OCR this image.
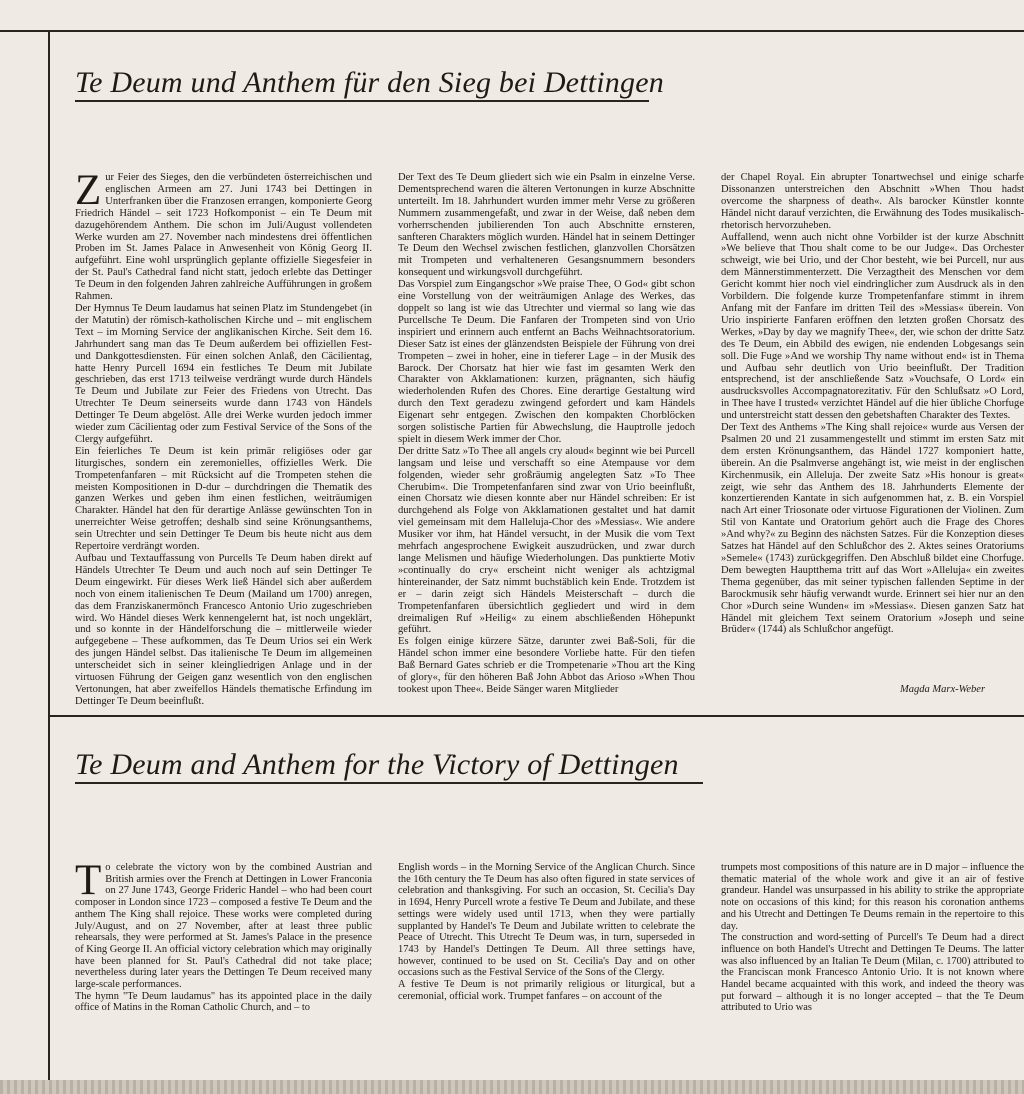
Te Deum und Anthem für den Sieg bei Dettingen

Zur Feier des Sieges, den die verbündeten österreichischen und englischen Armeen am 27. Juni 1743 bei Dettingen in Unterfranken über die Franzosen errangen, komponierte Georg Friedrich Händel – seit 1723 Hofkomponist – ein Te Deum mit dazugehörendem Anthem. Die schon im Juli/August vollendeten Werke wurden am 27. November nach mindestens drei öffentlichen Proben im St. James Palace in Anwesenheit von König Georg II. aufgeführt. Eine wohl ursprünglich geplante offizielle Siegesfeier in der St. Paul's Cathedral fand nicht statt, jedoch erlebte das Dettinger Te Deum in den folgenden Jahren zahlreiche Aufführungen in großem Rahmen.

Der Hymnus Te Deum laudamus hat seinen Platz im Stundengebet (in der Matutin) der römisch-katholischen Kirche und – mit englischem Text – im Morning Service der anglikanischen Kirche. Seit dem 16. Jahrhundert sang man das Te Deum außerdem bei offiziellen Fest- und Dankgottesdiensten. Für einen solchen Anlaß, den Cäcilientag, hatte Henry Purcell 1694 ein festliches Te Deum mit Jubilate geschrieben, das erst 1713 teilweise verdrängt wurde durch Händels Te Deum und Jubilate zur Feier des Friedens von Utrecht. Das Utrechter Te Deum seinerseits wurde dann 1743 von Händels Dettinger Te Deum abgelöst. Alle drei Werke wurden jedoch immer wieder zum Cäcilientag oder zum Festival Service of the Sons of the Clergy aufgeführt.

Ein feierliches Te Deum ist kein primär religiöses oder gar liturgisches, sondern ein zeremonielles, offizielles Werk. Die Trompetenfanfaren – mit Rücksicht auf die Trompeten stehen die meisten Kompositionen in D-dur – durchdringen die Thematik des ganzen Werkes und geben ihm einen festlichen, weiträumigen Charakter. Händel hat den für derartige Anlässe gewünschten Ton in unerreichter Weise getroffen; deshalb sind seine Krönungsanthems, sein Utrechter und sein Dettinger Te Deum bis heute nicht aus dem Repertoire verdrängt worden.

Aufbau und Textauffassung von Purcells Te Deum haben direkt auf Händels Utrechter Te Deum und auch noch auf sein Dettinger Te Deum eingewirkt. Für dieses Werk ließ Händel sich aber außerdem noch von einem italienischen Te Deum (Mailand um 1700) anregen, das dem Franziskanermönch Francesco Antonio Urio zugeschrieben wird. Wo Händel dieses Werk kennengelernt hat, ist noch ungeklärt, und so konnte in der Händelforschung die – mittlerweile wieder aufgegebene – These aufkommen, das Te Deum Urios sei ein Werk des jungen Händel selbst. Das italienische Te Deum im allgemeinen unterscheidet sich in seiner kleingliedrigen Anlage und in der virtuosen Führung der Geigen ganz wesentlich von den englischen Vertonungen, hat aber zweifellos Händels thematische Erfindung im Dettinger Te Deum beeinflußt.

Der Text des Te Deum gliedert sich wie ein Psalm in einzelne Verse. Dementsprechend waren die älteren Vertonungen in kurze Abschnitte unterteilt. Im 18. Jahrhundert wurden immer mehr Verse zu größeren Nummern zusammengefaßt, und zwar in der Weise, daß neben dem vorherrschenden jubilierenden Ton auch Abschnitte ernsteren, sanfteren Charakters möglich wurden. Händel hat in seinem Dettinger Te Deum den Wechsel zwischen festlichen, glanzvollen Chorsätzen mit Trompeten und verhalteneren Gesangsnummern besonders konsequent und wirkungsvoll durchgeführt.

Das Vorspiel zum Eingangschor »We praise Thee, O God« gibt schon eine Vorstellung von der weiträumigen Anlage des Werkes, das doppelt so lang ist wie das Utrechter und viermal so lang wie das Purcellsche Te Deum. Die Fanfaren der Trompeten sind von Urio inspiriert und erinnern auch entfernt an Bachs Weihnachtsoratorium. Dieser Satz ist eines der glänzendsten Beispiele der Führung von drei Trompeten – zwei in hoher, eine in tieferer Lage – in der Musik des Barock. Der Chorsatz hat hier wie fast im gesamten Werk den Charakter von Akklamationen: kurzen, prägnanten, sich häufig wiederholenden Rufen des Chores. Eine derartige Gestaltung wird durch den Text geradezu zwingend gefordert und kam Händels Eigenart sehr entgegen. Zwischen den kompakten Chorblöcken sorgen solistische Partien für Abwechslung, die Hauptrolle jedoch spielt in diesem Werk immer der Chor.

Der dritte Satz »To Thee all angels cry aloud« beginnt wie bei Purcell langsam und leise und verschafft so eine Atempause vor dem folgenden, wieder sehr großräumig angelegten Satz »To Thee Cherubim«. Die Trompetenfanfaren sind zwar von Urio beeinflußt, einen Chorsatz wie diesen konnte aber nur Händel schreiben: Er ist durchgehend als Folge von Akklamationen gestaltet und hat damit viel gemeinsam mit dem Halleluja-Chor des »Messias«. Wie andere Musiker vor ihm, hat Händel versucht, in der Musik die vom Text mehrfach angesprochene Ewigkeit auszudrücken, und zwar durch lange Melismen und häufige Wiederholungen. Das punktierte Motiv »continually do cry« erscheint nicht weniger als achtzigmal hintereinander, der Satz nimmt buchstäblich kein Ende. Trotzdem ist er – darin zeigt sich Händels Meisterschaft – durch die Trompetenfanfaren übersichtlich gegliedert und wird in dem dreimaligen Ruf »Heilig« zu einem abschließenden Höhepunkt geführt.

Es folgen einige kürzere Sätze, darunter zwei Baß-Soli, für die Händel schon immer eine besondere Vorliebe hatte. Für den tiefen Baß Bernard Gates schrieb er die Trompetenarie »Thou art the King of glory«, für den höheren Baß John Abbot das Arioso »When Thou tookest upon Thee«. Beide Sänger waren Mitglieder

der Chapel Royal. Ein abrupter Tonartwechsel und einige scharfe Dissonanzen unterstreichen den Abschnitt »When Thou hadst overcome the sharpness of death«. Als barocker Künstler konnte Händel nicht darauf verzichten, die Erwähnung des Todes musikalisch-rhetorisch hervorzuheben.

Auffallend, wenn auch nicht ohne Vorbilder ist der kurze Abschnitt »We believe that Thou shalt come to be our Judge«. Das Orchester schweigt, wie bei Urio, und der Chor besteht, wie bei Purcell, nur aus dem Männerstimmenterzett. Die Verzagtheit des Menschen vor dem Gericht kommt hier noch viel eindringlicher zum Ausdruck als in den Vorbildern. Die folgende kurze Trompetenfanfare stimmt in ihrem Anfang mit der Fanfare im dritten Teil des »Messias« überein. Von Urio inspirierte Fanfaren eröffnen den letzten großen Chorsatz des Werkes, »Day by day we magnify Thee«, der, wie schon der dritte Satz des Te Deum, ein Abbild des ewigen, nie endenden Lobgesangs sein soll. Die Fuge »And we worship Thy name without end« ist in Thema und Aufbau sehr deutlich von Urio beeinflußt. Der Tradition entsprechend, ist der anschließende Satz »Vouchsafe, O Lord« ein ausdrucksvolles Accompagnatorezitativ. Für den Schlußsatz »O Lord, in Thee have I trusted« verzichtet Händel auf die hier übliche Chorfuge und unterstreicht statt dessen den gebetshaften Charakter des Textes.

Der Text des Anthems »The King shall rejoice« wurde aus Versen der Psalmen 20 und 21 zusammengestellt und stimmt im ersten Satz mit dem ersten Krönungsanthem, das Händel 1727 komponiert hatte, überein. An die Psalmverse angehängt ist, wie meist in der englischen Kirchenmusik, ein Alleluja. Der zweite Satz »His honour is great« zeigt, wie sehr das Anthem des 18. Jahrhunderts Elemente der konzertierenden Kantate in sich aufgenommen hat, z. B. ein Vorspiel nach Art einer Triosonate oder virtuose Figurationen der Violinen. Zum Stil von Kantate und Oratorium gehört auch die Frage des Chores »And why?« zu Beginn des nächsten Satzes. Für die Konzeption dieses Satzes hat Händel auf den Schlußchor des 2. Aktes seines Oratoriums »Semele« (1743) zurückgegriffen. Den Abschluß bildet eine Chorfuge. Dem bewegten Hauptthema tritt auf das Wort »Alleluja« ein zweites Thema gegenüber, das mit seiner typischen fallenden Septime in der Barockmusik sehr häufig verwandt wurde. Erinnert sei hier nur an den Chor »Durch seine Wunden« im »Messias«. Diesen ganzen Satz hat Händel mit gleichem Text seinem Oratorium »Joseph und seine Brüder« (1744) als Schlußchor angefügt.

Magda Marx-Weber
Te Deum and Anthem for the Victory of Dettingen

To celebrate the victory won by the combined Austrian and British armies over the French at Dettingen in Lower Franconia on 27 June 1743, George Frideric Handel – who had been court composer in London since 1723 – composed a festive Te Deum and the anthem The King shall rejoice. These works were completed during July/August, and on 27 November, after at least three public rehearsals, they were performed at St. James's Palace in the presence of King George II. An official victory celebration which may originally have been planned for St. Paul's Cathedral did not take place; nevertheless during later years the Dettingen Te Deum received many large-scale performances.

The hymn "Te Deum laudamus" has its appointed place in the daily office of Matins in the Roman Catholic Church, and – to

English words – in the Morning Service of the Anglican Church. Since the 16th century the Te Deum has also often figured in state services of celebration and thanksgiving. For such an occasion, St. Cecilia's Day in 1694, Henry Purcell wrote a festive Te Deum and Jubilate, and these settings were widely used until 1713, when they were partially supplanted by Handel's Te Deum and Jubilate written to celebrate the Peace of Utrecht. This Utrecht Te Deum was, in turn, superseded in 1743 by Handel's Dettingen Te Deum. All three settings have, however, continued to be used on St. Cecilia's Day and on other occasions such as the Festival Service of the Sons of the Clergy.

A festive Te Deum is not primarily religious or liturgical, but a ceremonial, official work. Trumpet fanfares – on account of the

trumpets most compositions of this nature are in D major – influence the thematic material of the whole work and give it an air of festive grandeur. Handel was unsurpassed in his ability to strike the appropriate note on occasions of this kind; for this reason his coronation anthems and his Utrecht and Dettingen Te Deums remain in the repertoire to this day.

The construction and word-setting of Purcell's Te Deum had a direct influence on both Handel's Utrecht and Dettingen Te Deums. The latter was also influenced by an Italian Te Deum (Milan, c. 1700) attributed to the Franciscan monk Francesco Antonio Urio. It is not known where Handel became acquainted with this work, and indeed the theory was put forward – although it is no longer accepted – that the Te Deum attributed to Urio was
